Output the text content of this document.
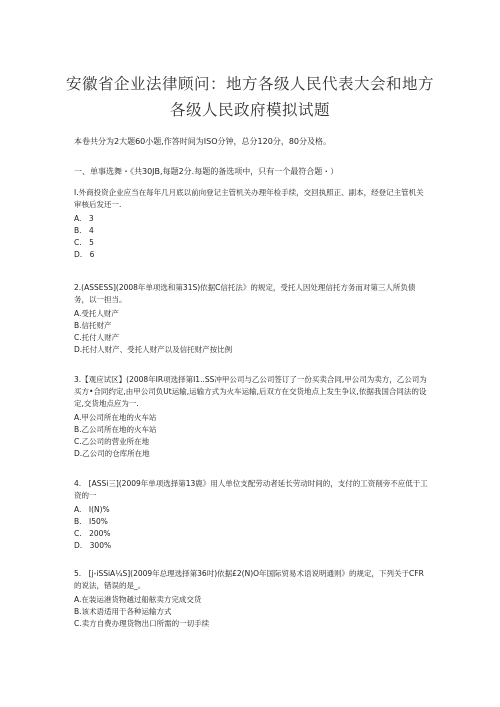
安徽省企业法律顾问：地方各级人民代表大会和地方
各级人民政府模拟试题
本卷共分为2大题60小题,作答时间为ISO分钟，总分120分，80分及格。
一、单事选舞・《共30JB,每题2分.每题的备选项中，只有一个最符合题・）

I.外商投资企业应当在每年几月底以前向登记主管机关办理年检手续，交回执照正、副本，经登记主管机关审核后发还一.

A.　3

B.　4

C.　5

D.　6

2.(ASSESS](2008年单项选和第31S)依据C信托法》的规定，受托人因处理信托方务而对第三人所负债务，以一担当。

A.受托人财产

B.信托财产

C.托付人财产

D.托付人财产、受托人财产以及信托财产按比例

3.【观应试区】(2008年IR项选择第I1..SS冲甲公司与乙公司签订了一份买卖合同,甲公司为卖方，乙公司为买方•合同约定,由甲公司负Ut运输,运输方式为火车运输,后双方在交货地点上发生争议,依据我国合同法的设定,交货地点应为一.

A.甲公司所在地的火车站

B.乙公司所在地的火车站

C.乙公司的营业所在地

D.乙公司的仓库所在地

4.　[ASSi三](2009年单项选择第13鹿》用人单位支配劳动者延长劳动时间的，支付的工资削旁不应低于工资的一

A.　I(N)%

B.　I50%

C.　200%

D.　300%

5.　[j-iSSiA¼S](2009年总理选择第36吋)依据£2(N)O年国际贸易术语说明通则》的规定，下列关于CFR的说法，错误的是_。

A.在装运港货物越过船舷卖方完成交货

B.该术语适用于各种运输方式

C.卖方自费办理货物出口所需的一切手续
